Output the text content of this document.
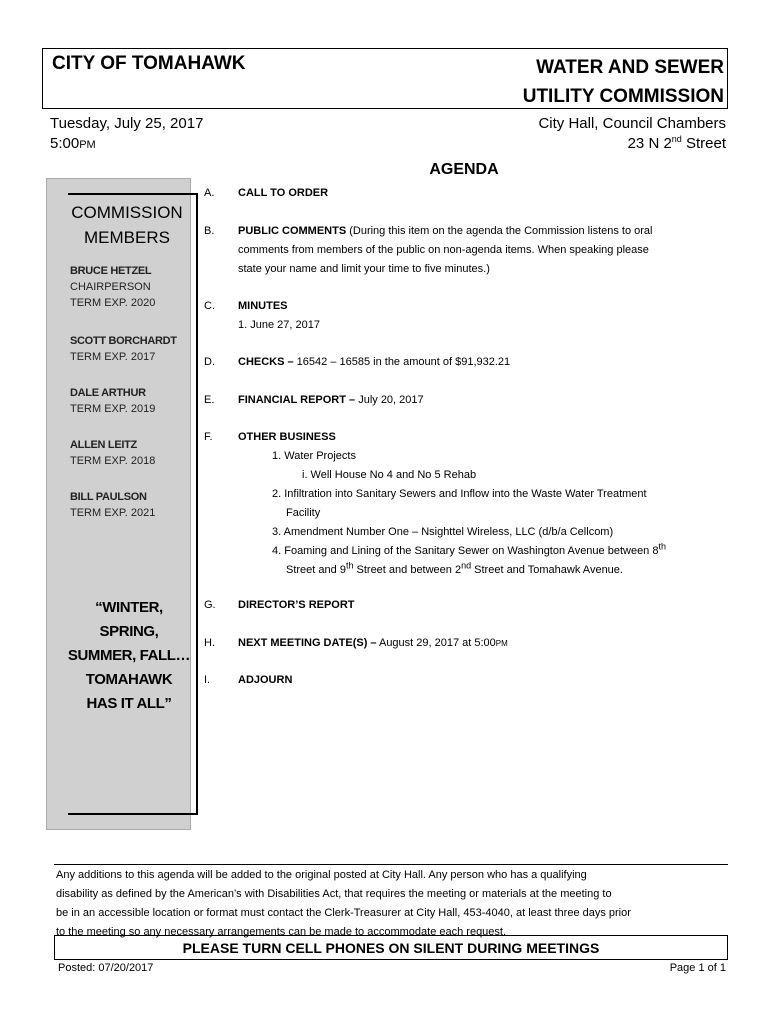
CITY OF TOMAHAWK	WATER AND SEWER
UTILITY COMMISSION
Tuesday, July 25, 2017
5:00PM
City Hall, Council Chambers
23 N 2nd Street
AGENDA
COMMISSION
MEMBERS
BRUCE HETZEL
CHAIRPERSON
TERM EXP. 2020
SCOTT BORCHARDT
TERM EXP. 2017
DALE ARTHUR
TERM EXP. 2019
ALLEN LEITZ
TERM EXP. 2018
BILL PAULSON
TERM EXP. 2021
“WINTER,
SPRING,
SUMMER, FALL…
TOMAHAWK
HAS IT ALL”
A.	CALL TO ORDER
B.	PUBLIC COMMENTS (During this item on the agenda the Commission listens to oral
comments from members of the public on non-agenda items. When speaking please
state your name and limit your time to five minutes.)
C.	MINUTES
1. June 27, 2017
D.	CHECKS – 16542 – 16585 in the amount of $91,932.21
E.	FINANCIAL REPORT – July 20, 2017
F.	OTHER BUSINESS
1. Water Projects
i. Well House No 4 and No 5 Rehab
2. Infiltration into Sanitary Sewers and Inflow into the Waste Water Treatment
Facility
3. Amendment Number One – Nsighttel Wireless, LLC (d/b/a Cellcom)
4. Foaming and Lining of the Sanitary Sewer on Washington Avenue between 8th
Street and 9th Street and between 2nd Street and Tomahawk Avenue.
G.	DIRECTOR’S REPORT
H.	NEXT MEETING DATE(S) – August 29, 2017 at 5:00PM
I.	ADJOURN
Any additions to this agenda will be added to the original posted at City Hall. Any person who has a qualifying
disability as defined by the American’s with Disabilities Act, that requires the meeting or materials at the meeting to
be in an accessible location or format must contact the Clerk-Treasurer at City Hall, 453-4040, at least three days prior
to the meeting so any necessary arrangements can be made to accommodate each request.
PLEASE TURN CELL PHONES ON SILENT DURING MEETINGS
Posted: 07/20/2017	Page 1 of 1
